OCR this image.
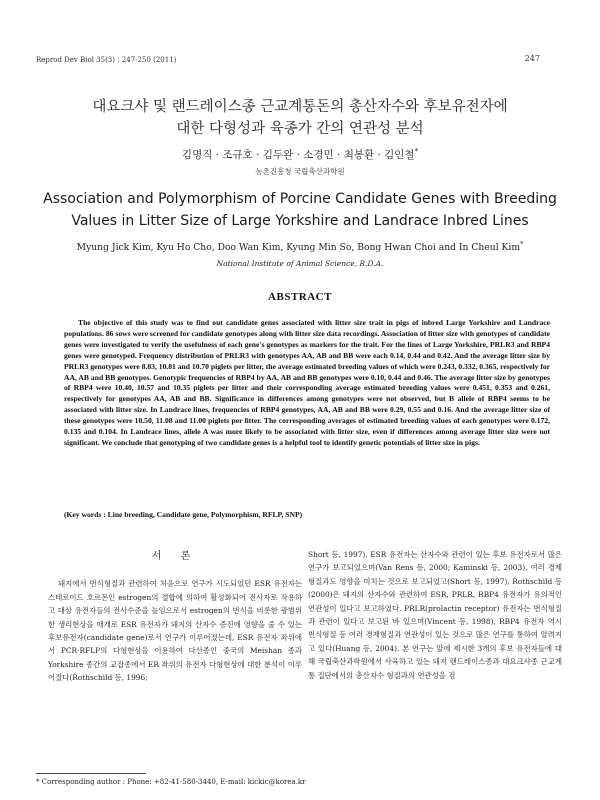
Reprod Dev Biol 35(3) : 247-250 (2011)	247
대요크샤 및 랜드레이스종 근교계통돈의 총산자수와 후보유전자에
대한 다형성과 육종가 간의 연관성 분석
김명직 · 조규호 · 김두완 · 소경민 · 최봉환 · 김인철*
농촌진흥청 국립축산과학원
Association and Polymorphism of Porcine Candidate Genes with Breeding
Values in Litter Size of Large Yorkshire and Landrace Inbred Lines
Myung Jick Kim, Kyu Ho Cho, Doo Wan Kim, Kyung Min So, Bong Hwan Choi and In Cheul Kim*
National Institute of Animal Science, R.D.A.
ABSTRACT
The objective of this study was to find out candidate genes associated with litter size trait in pigs of inbred Large Yorkshire and Landrace populations. 86 sows were screened for candidate genotypes along with litter size data recordings. Association of litter size with genotypes of candidate genes were investigated to verify the usefulness of each gene's genotypes as markers for the trait. For the lines of Large Yorkshire, PRLR3 and RBP4 genes were genotyped. Frequency distribution of PRLR3 with genotypes AA, AB and BB were each 0.14, 0.44 and 0.42. And the average litter size by PRLR3 genotypes were 8.83, 10.81 and 10.70 piglets per litter, the average estimated breeding values of which were 0.243, 0.332, 0.365, respectively for AA, AB and BB genotypes. Genotypic frequencies of RBP4 by AA, AB and BB genotypes were 0.10, 0.44 and 0.46. The average litter size by genotypes of RBP4 were 10.40, 10.57 and 10.35 piglets per litter and their corresponding average estimated breeding values were 0.451, 0.353 and 0.261, respectively for genotypes AA, AB and BB. Significance in differences among genotypes were not observed, but B allele of RBP4 seems to be associated with litter size. In Landrace lines, frequencies of RBP4 genotypes, AA, AB and BB were 0.29, 0.55 and 0.16. And the average litter size of these genotypes were 10.50, 11.08 and 11.00 piglets per litter. The corresponding averages of estimated breeding values of each genotypes were 0.172, 0.135 and 0.104. In Landrace lines, allele A was more likely to be associated with litter size, even if differences among average litter size were not significant. We conclude that genotyping of two candidate genes is a helpful tool to identify genetic potentials of litter size in pigs.
(Key words : Line breeding, Candidate gene, Polymorphism, RFLP, SNP)
서 론

돼지에서 번식형질과 관련하여 처음으로 연구가 시도되었던 ESR 유전자는 스테로이드 호르몬인 estrogen의 결합에 의하여 활성화되어 전사자로 작용하고 대상 유전자들의 전사수준을 높임으로서 estrogen의 번식을 비롯한 광범위한 생리현상을 매개로 ESR 유전자가 돼지의 산자수 증진에 영향을 줄 수 있는 후보유전자(candidate gene)로서 연구가 이루어졌는데, ESR 유전자 좌위에서 PCR-RFLP의 다형현상을 이용하여 다산종인 중국의 Meishan 종과 Yorkshire 종간의 교잡종에서 ER 좌위의 유전자 다형현상에 대한 분석이 이루어졌다(Rothschild 등, 1996;

Short 등, 1997). ESR 유전자는 산자수와 관련이 있는 후보 유전자로서 많은 연구가 보고되었으며(Van Rens 등, 2000; Kaminski 등, 2003), 여러 경제형질과도 영향을 미치는 것으로 보고되었고(Short 등, 1997), Rothschild 등(2000)은 돼지의 산자수와 관련하여 ESR, PRLR, RBP4 유전자가 유의적인 연관성이 있다고 보고하였다. PRLR(prolactin receptor) 유전자는 번식형질과 관련이 있다고 보고된 바 있으며(Vincent 등, 1998), RBP4 유전자 역시 번식형질 등 여러 경제형질과 연관성이 있는 것으로 많은 연구를 통하여 알려지고 있다(Huang 등, 2004). 본 연구는 앞에 제시한 3개의 후보 유전자들에 대해 국립축산과학원에서 사육하고 있는 돼지 랜드레이스종과 대요크샤종 근교계통 집단에서의 총산자수 형질과의 연관성을 검

* Corresponding author : Phone: +82-41-580-3440, E-mail: kickic@korea.kr
